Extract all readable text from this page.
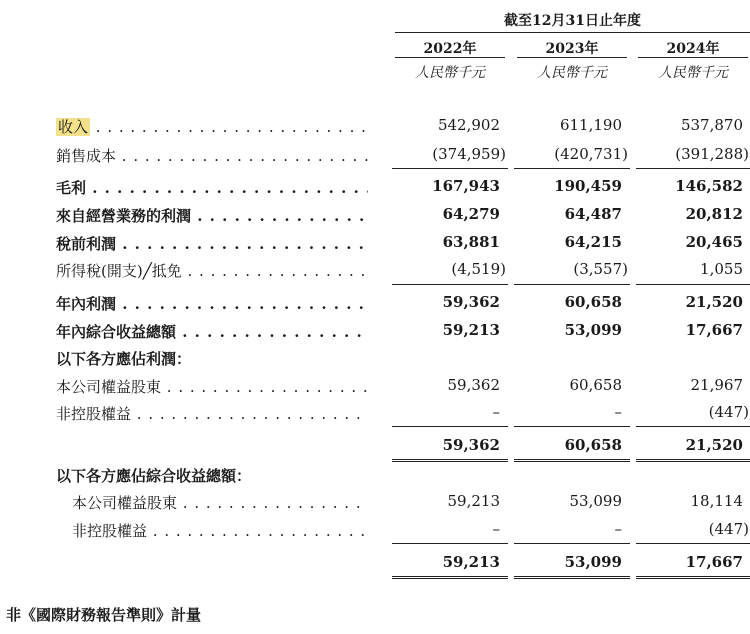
截至12月31日止年度
2022年	2023年	2024年
人民幣千元	人民幣千元	人民幣千元
收入 . . .	542,902	611,190	537,870
銷售成本 . . .	(374,959)	(420,731)	(391,288)
毛利 . . .	167,943	190,459	146,582
來自經營業務的利潤 . . .	64,279	64,487	20,812
稅前利潤 . . .	63,881	64,215	20,465
所得稅(開支)╱抵免 . . .	(4,519)	(3,557)	1,055
年內利潤 . . .	59,362	60,658	21,520
年內綜合收益總額 . . .	59,213	53,099	17,667
以下各方應佔利潤：
本公司權益股東 . . .	59,362	60,658	21,967
非控股權益 . . .	–	–	(447)
59,362	60,658	21,520
以下各方應佔綜合收益總額：
本公司權益股東 . . .	59,213	53,099	18,114
非控股權益 . . .	–	–	(447)
59,213	53,099	17,667
非《國際財務報告準則》計量
